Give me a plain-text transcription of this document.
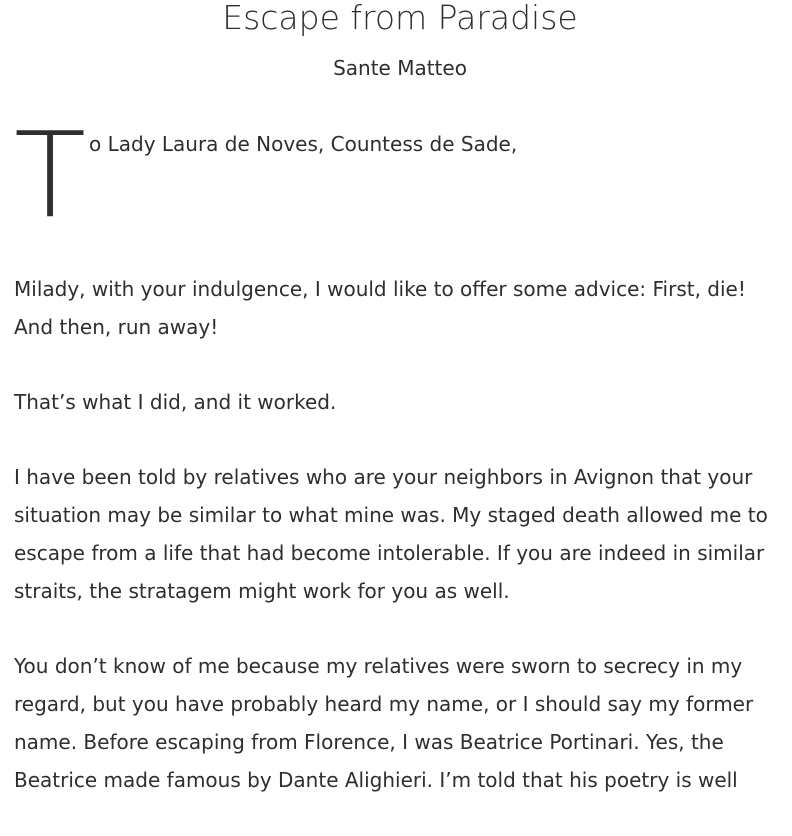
Escape from Paradise
Sante Matteo
T o Lady Laura de Noves, Countess de Sade,

Milady, with your indulgence, I would like to offer some advice: First, die! And then, run away!

That’s what I did, and it worked.

I have been told by relatives who are your neighbors in Avignon that your situation may be similar to what mine was. My staged death allowed me to escape from a life that had become intolerable. If you are indeed in similar straits, the stratagem might work for you as well.

You don’t know of me because my relatives were sworn to secrecy in my regard, but you have probably heard my name, or I should say my former name. Before escaping from Florence, I was Beatrice Portinari. Yes, the Beatrice made famous by Dante Alighieri. I’m told that his poetry is well
